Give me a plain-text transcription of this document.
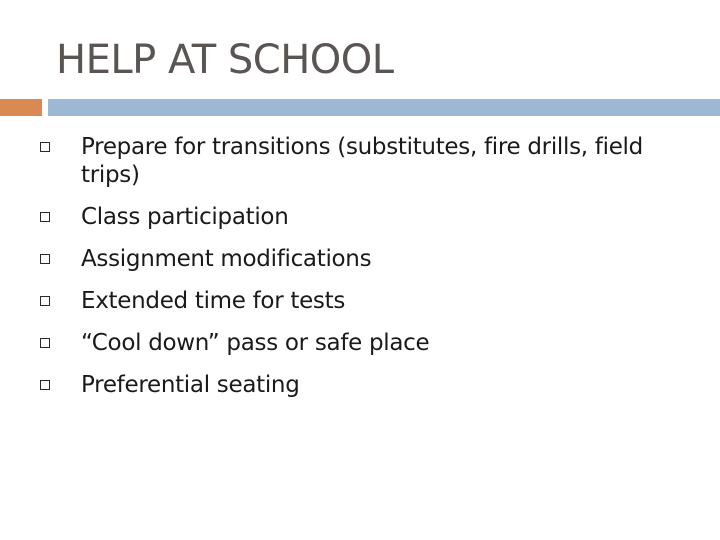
HELP AT SCHOOL
Prepare for transitions (substitutes, fire drills, field trips)
Class participation
Assignment modifications
Extended time for tests
“Cool down” pass or safe place
Preferential seating
